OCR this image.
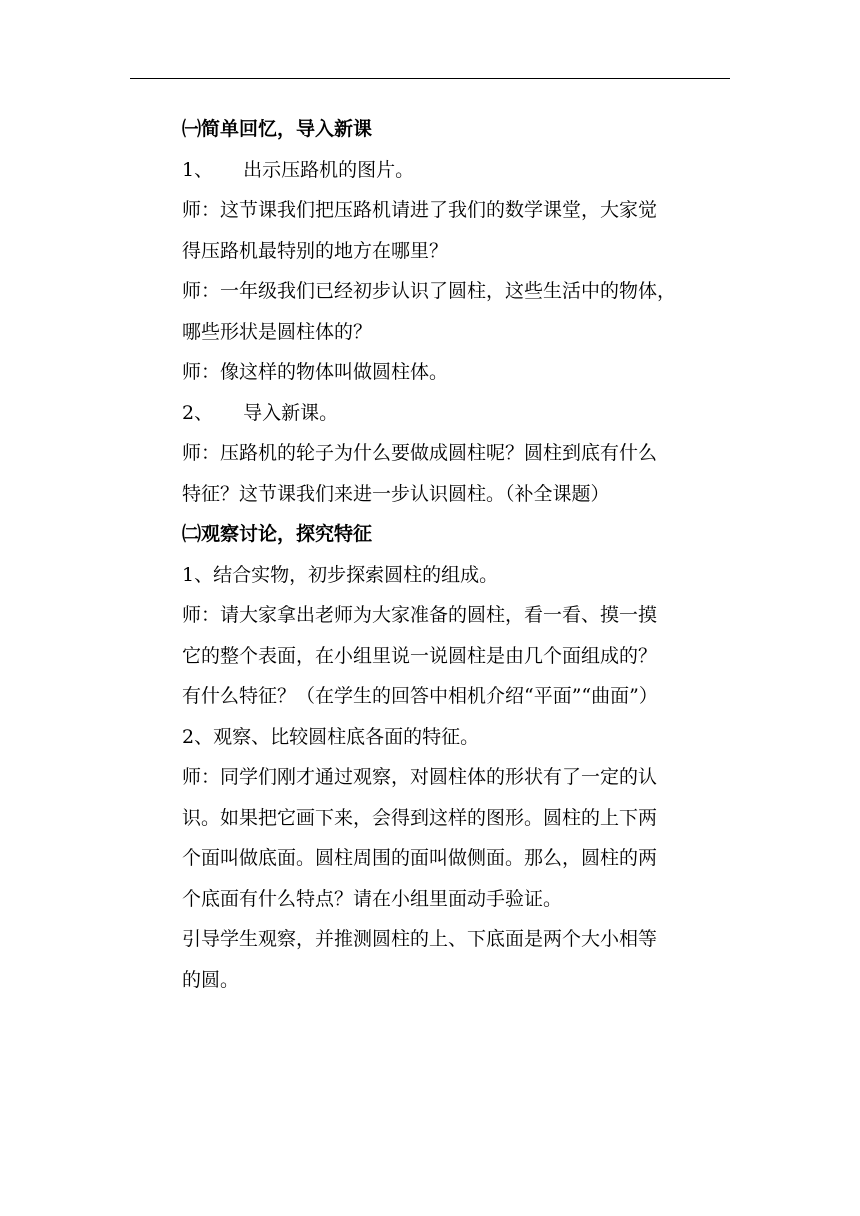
㈠简单回忆，导入新课
1、 出示压路机的图片。
师：这节课我们把压路机请进了我们的数学课堂，大家觉
得压路机最特别的地方在哪里？
师：一年级我们已经初步认识了圆柱，这些生活中的物体，
哪些形状是圆柱体的？
师：像这样的物体叫做圆柱体。
2、 导入新课。
师：压路机的轮子为什么要做成圆柱呢？圆柱到底有什么
特征？这节课我们来进一步认识圆柱。（补全课题）
㈡观察讨论，探究特征
1、结合实物，初步探索圆柱的组成。
师：请大家拿出老师为大家准备的圆柱，看一看、摸一摸
它的整个表面，在小组里说一说圆柱是由几个面组成的？
有什么特征？（在学生的回答中相机介绍“平面”“曲面”）
2、观察、比较圆柱底各面的特征。
师：同学们刚才通过观察，对圆柱体的形状有了一定的认
识。如果把它画下来，会得到这样的图形。圆柱的上下两
个面叫做底面。圆柱周围的面叫做侧面。那么，圆柱的两
个底面有什么特点？请在小组里面动手验证。
引导学生观察，并推测圆柱的上、下底面是两个大小相等
的圆。
